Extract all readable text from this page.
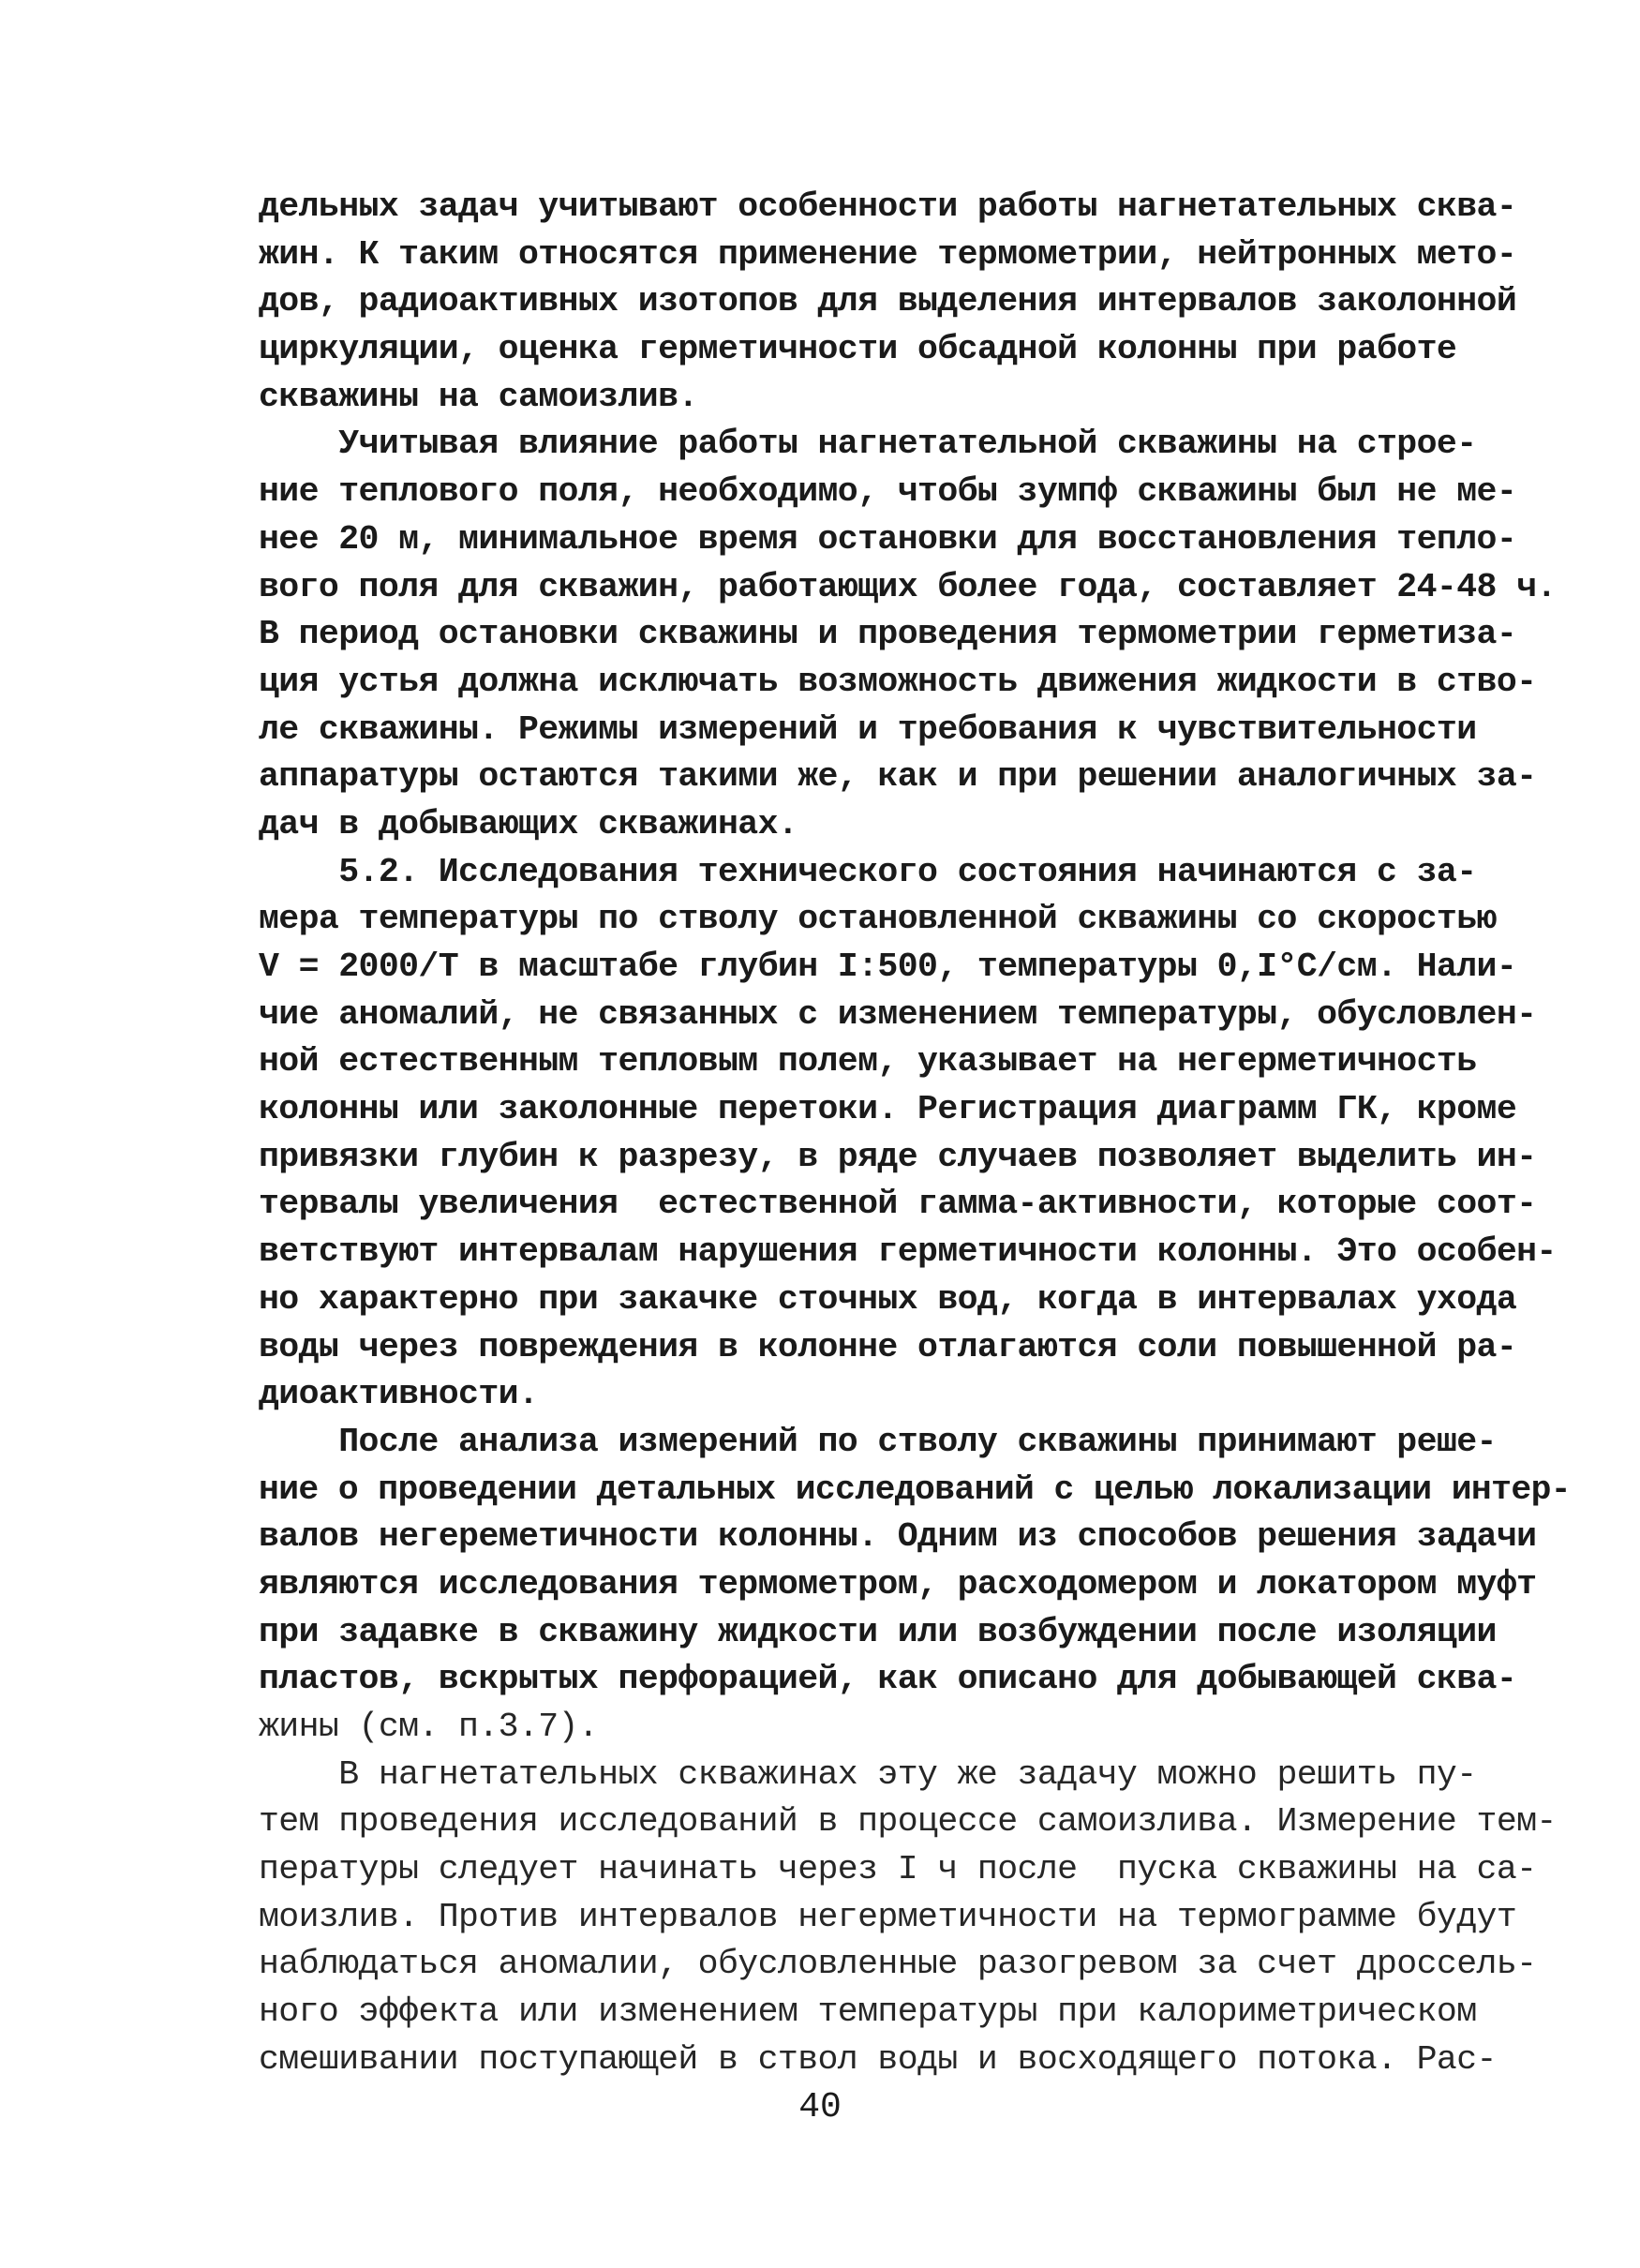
дельных задач учитывают особенности работы нагнетательных сква-
жин. К таким относятся применение термометрии, нейтронных мето-
дов, радиоактивных изотопов для выделения интервалов заколонной
циркуляции, оценка герметичности обсадной колонны при работе
скважины на самоизлив.
Учитывая влияние работы нагнетательной скважины на строе-
ние теплового поля, необходимо, чтобы зумпф скважины был не ме-
нее 20 м, минимальное время остановки для восстановления тепло-
вого поля для скважин, работающих более года, составляет 24-48 ч.
В период остановки скважины и проведения термометрии герметиза-
ция устья должна исключать возможность движения жидкости в ство-
ле скважины. Режимы измерений и требования к чувствительности
аппаратуры остаются такими же, как и при решении аналогичных за-
дач в добывающих скважинах.
5.2. Исследования технического состояния начинаются с за-
мера температуры по стволу остановленной скважины со скоростью
V = 2000/T в масштабе глубин I:500, температуры 0,I°С/см. Нали-
чие аномалий, не связанных с изменением температуры, обусловлен-
ной естественным тепловым полем, указывает на негерметичность
колонны или заколонные перетоки. Регистрация диаграмм ГК, кроме
привязки глубин к разрезу, в ряде случаев позволяет выделить ин-
тервалы увеличения  естественной гамма-активности, которые соот-
ветствуют интервалам нарушения герметичности колонны. Это особен-
но характерно при закачке сточных вод, когда в интервалах ухода
воды через повреждения в колонне отлагаются соли повышенной ра-
диоактивности.
После анализа измерений по стволу скважины принимают реше-
ние о проведении детальных исследований с целью локализации интер-
валов негереметичности колонны. Одним из способов решения задачи
являются исследования термометром, расходомером и локатором муфт
при задавке в скважину жидкости или возбуждении после изоляции
пластов, вскрытых перфорацией, как описано для добывающей сква-
жины (см. п.3.7).
В нагнетательных скважинах эту же задачу можно решить пу-
тем проведения исследований в процессе самоизлива. Измерение тем-
пературы следует начинать через I ч после  пуска скважины на са-
моизлив. Против интервалов негерметичности на термограмме будут
наблюдаться аномалии, обусловленные разогревом за счет дроссель-
ного эффекта или изменением температуры при калориметрическом
смешивании поступающей в ствол воды и восходящего потока. Рас-
40
